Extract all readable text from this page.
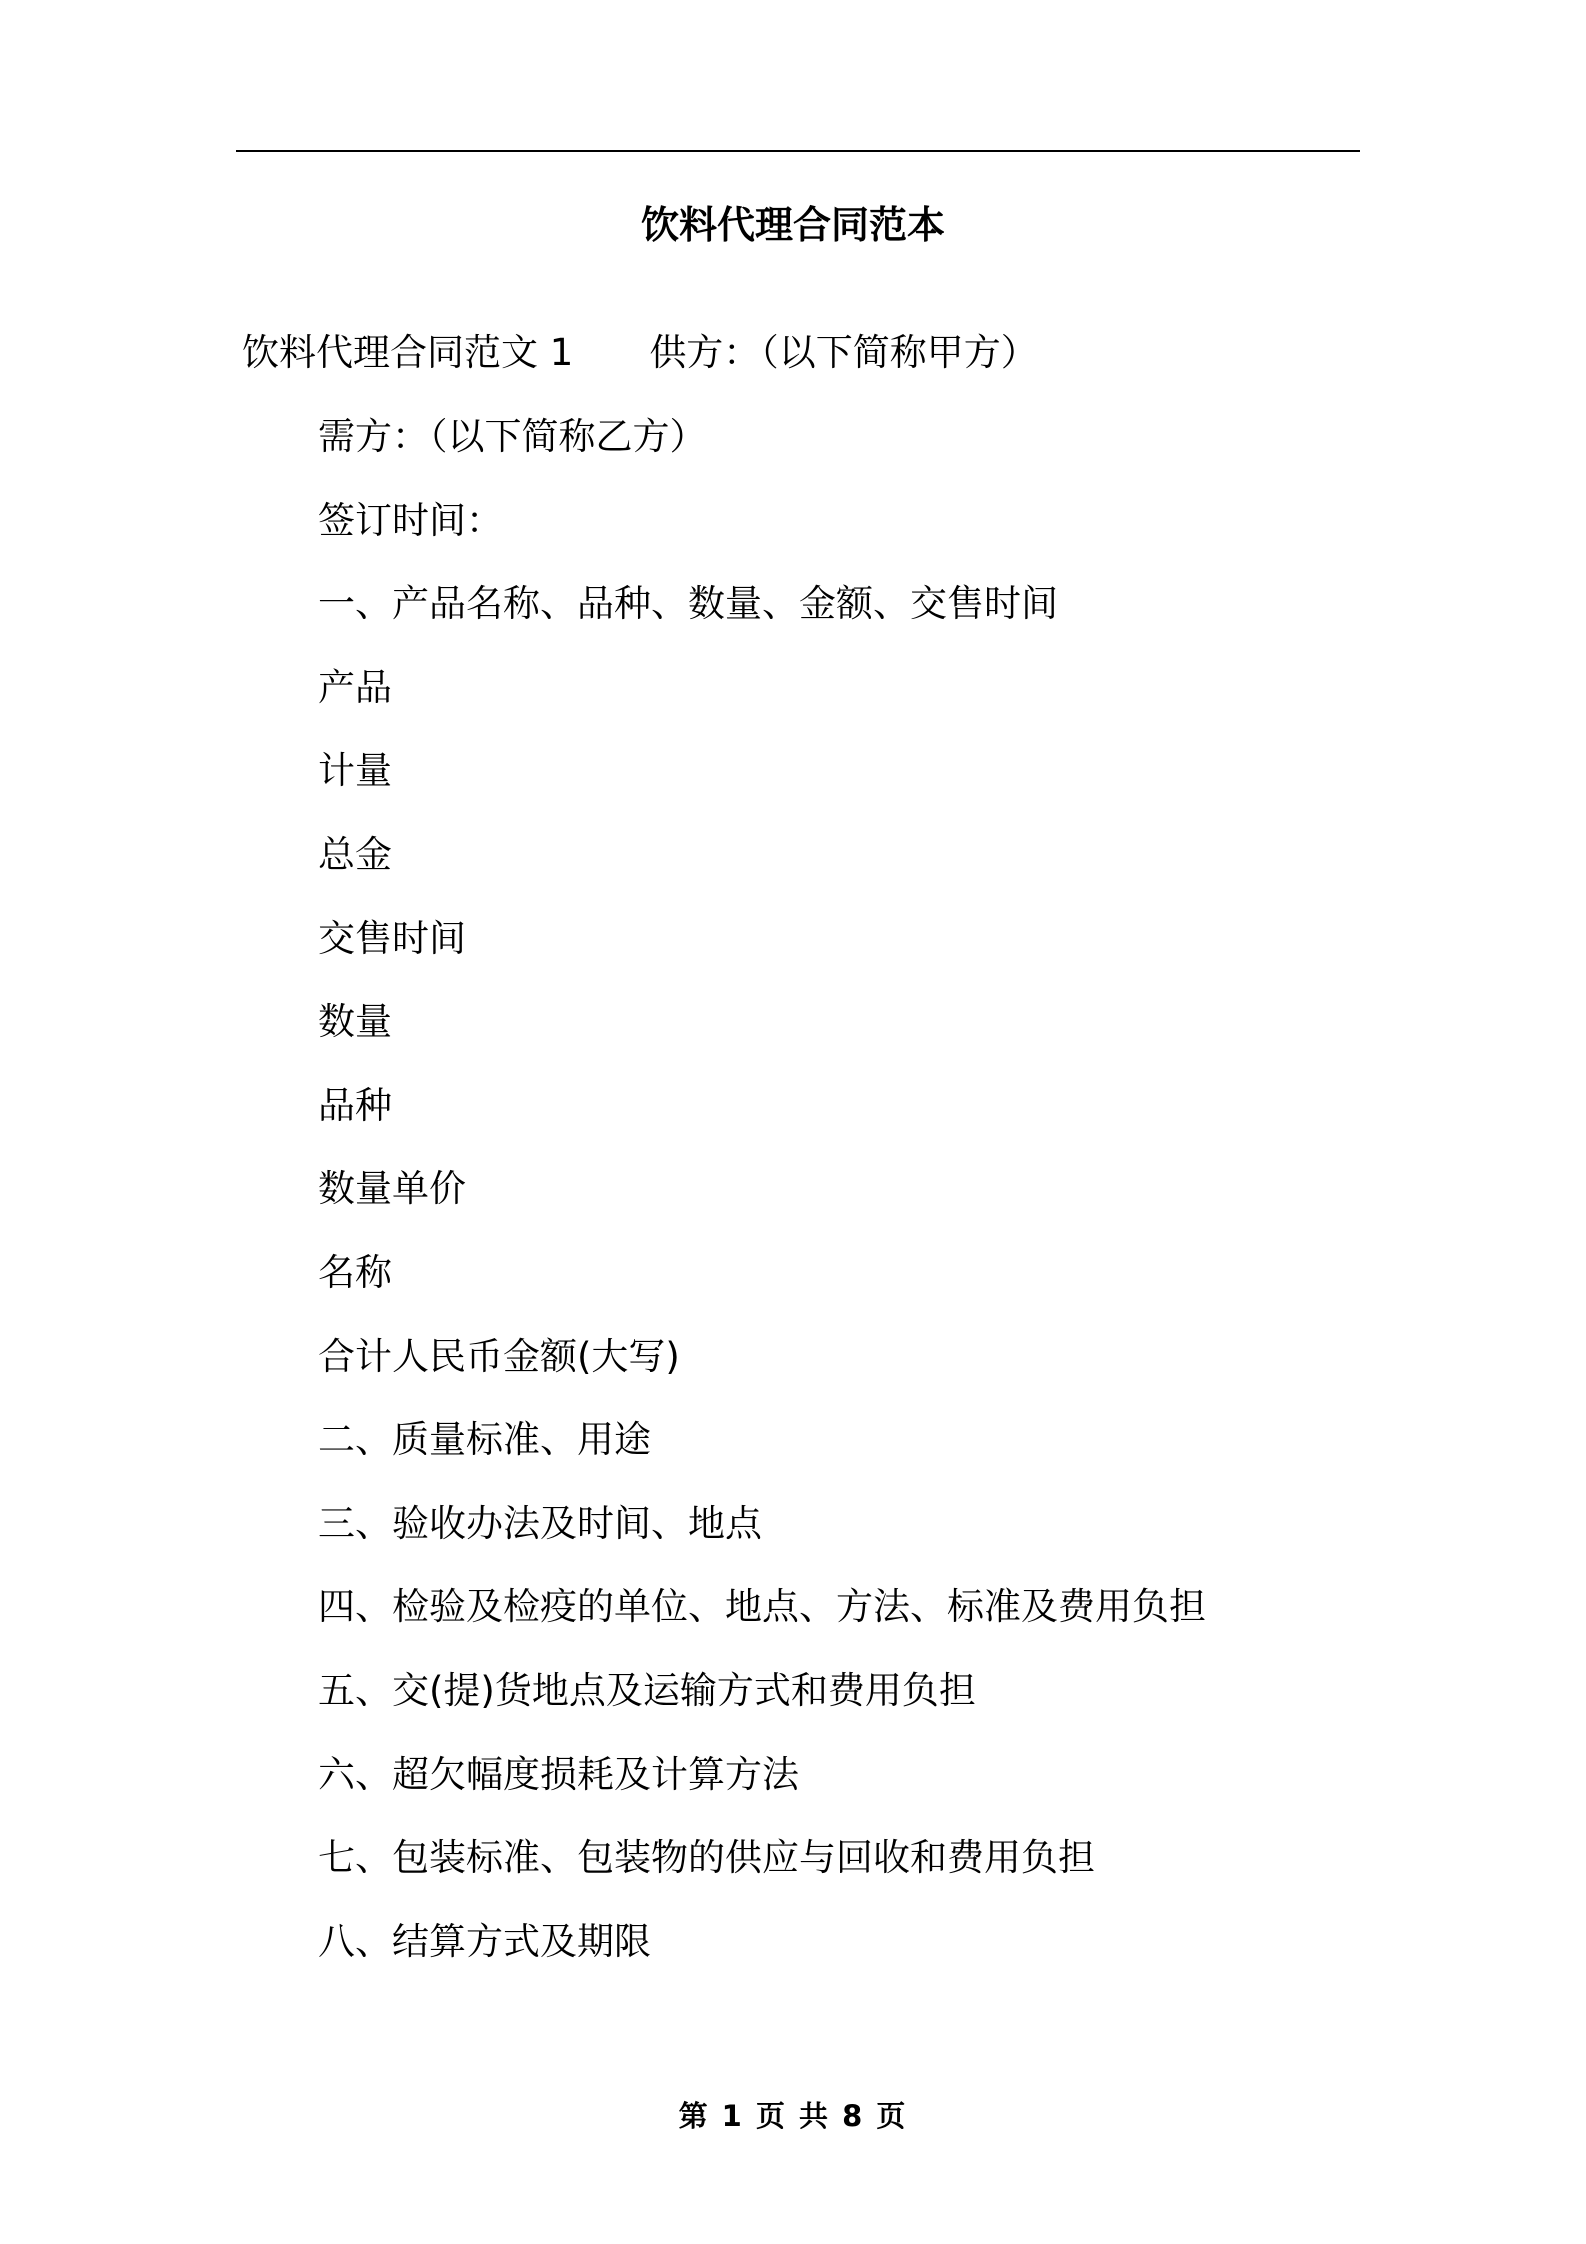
饮料代理合同范本
饮料代理合同范文 1 供方：（以下简称甲方）
需方：（以下简称乙方）
签订时间：
一、产品名称、品种、数量、金额、交售时间
产品
计量
总金
交售时间
数量
品种
数量单价
名称
合计人民币金额(大写)
二、质量标准、用途
三、验收办法及时间、地点
四、检验及检疫的单位、地点、方法、标准及费用负担
五、交(提)货地点及运输方式和费用负担
六、超欠幅度损耗及计算方法
七、包装标准、包装物的供应与回收和费用负担
八、结算方式及期限
第 1 页 共 8 页
